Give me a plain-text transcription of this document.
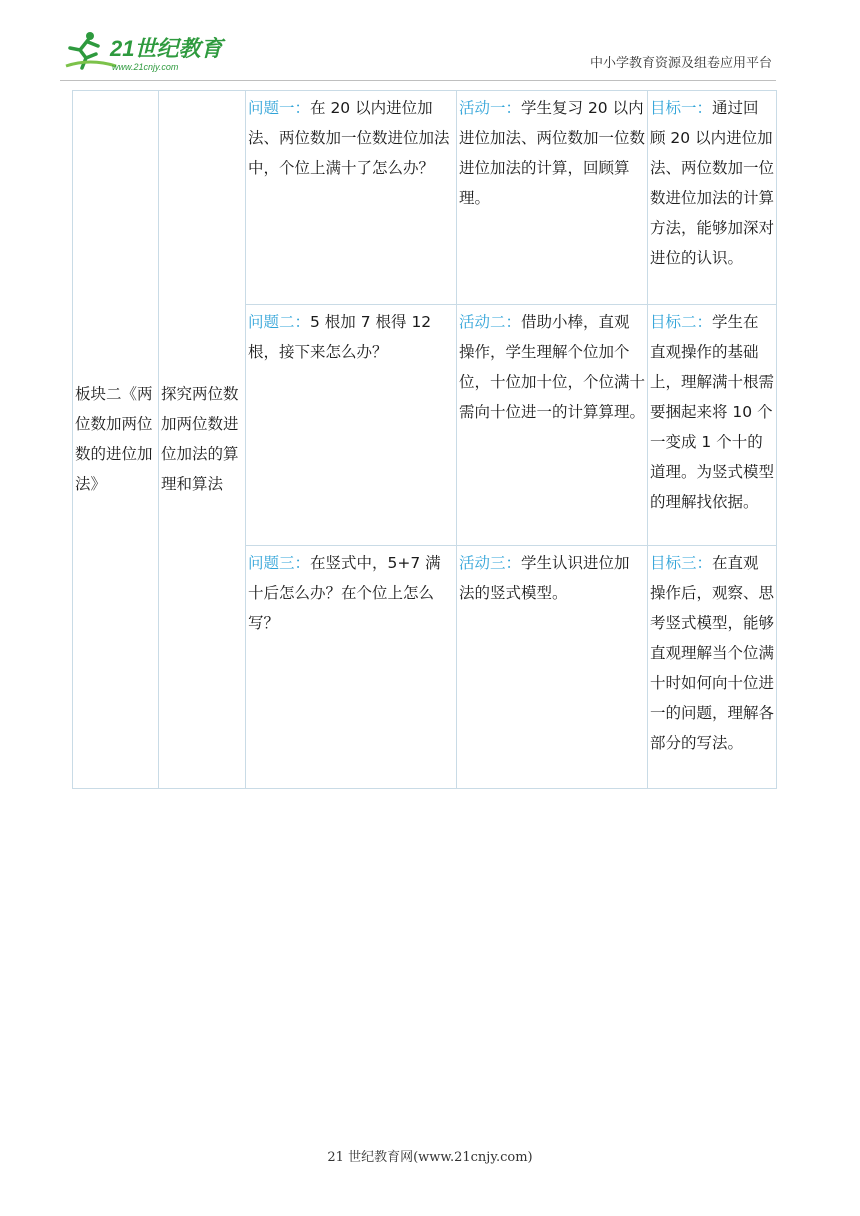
21世纪教育
www.21cnjy.com	中小学教育资源及组卷应用平台
板块二《两位数加两位数的进位加法》	探究两位数加两位数进位加法的算理和算法	问题一：在 20 以内进位加法、两位数加一位数进位加法中，个位上满十了怎么办？	活动一：学生复习 20 以内进位加法、两位数加一位数进位加法的计算，回顾算理。	目标一：通过回顾 20 以内进位加法、两位数加一位数进位加法的计算方法，能够加深对进位的认识。
		问题二：5 根加 7 根得 12 根，接下来怎么办？	活动二：借助小棒，直观操作，学生理解个位加个位，十位加十位，个位满十需向十位进一的计算算理。	目标二：学生在直观操作的基础上，理解满十根需要捆起来将 10 个一变成 1 个十的道理。为竖式模型的理解找依据。
		问题三：在竖式中，5+7 满十后怎么办？在个位上怎么写？	活动三：学生认识进位加法的竖式模型。	目标三：在直观操作后，观察、思考竖式模型，能够直观理解当个位满十时如何向十位进一的问题，理解各部分的写法。
21 世纪教育网(www.21cnjy.com)
